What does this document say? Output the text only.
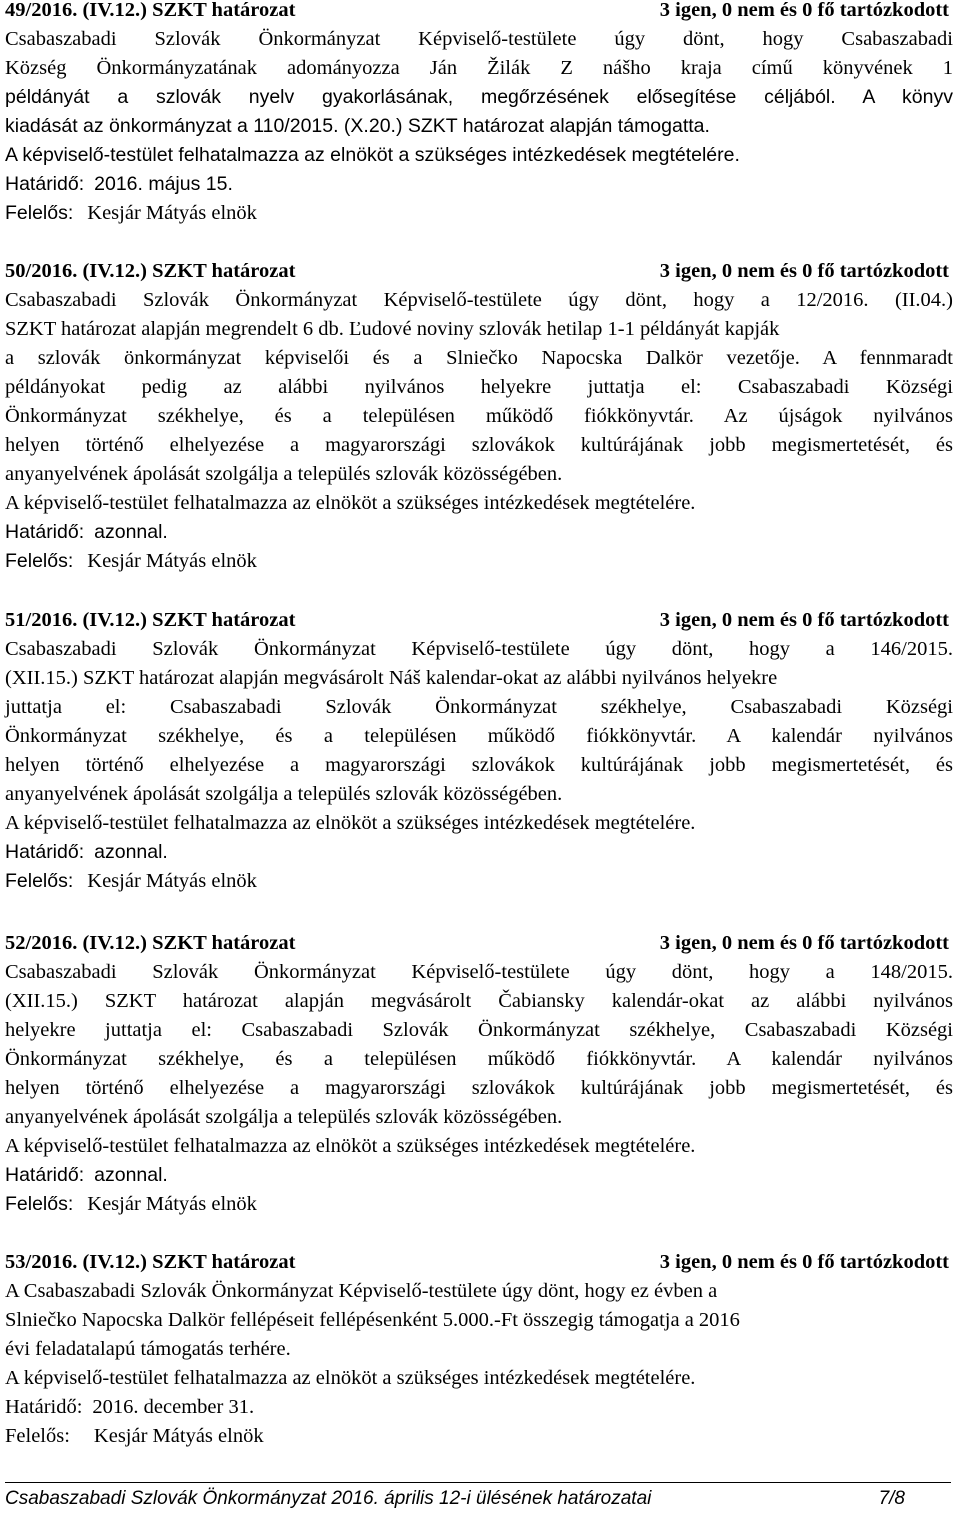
49/2016. (IV.12.) SZKT határozat	3 igen, 0 nem és 0 fő tartózkodott
Csabaszabadi Szlovák Önkormányzat Képviselő-testülete úgy dönt, hogy Csabaszabadi
Község Önkormányzatának adományozza Ján Žilák Z nášho kraja című könyvének 1
példányát a szlovák nyelv gyakorlásának, megőrzésének elősegítése céljából. A könyv
kiadását az önkormányzat a 110/2015. (X.20.) SZKT határozat alapján támogatta.
A képviselő-testület felhatalmazza az elnököt a szükséges intézkedések megtételére.
Határidő: 2016. május 15.
Felelős: Kesjár Mátyás elnök
50/2016. (IV.12.) SZKT határozat	3 igen, 0 nem és 0 fő tartózkodott
Csabaszabadi Szlovák Önkormányzat Képviselő-testülete úgy dönt, hogy a 12/2016. (II.04.)
SZKT határozat alapján megrendelt 6 db. Ľudové noviny szlovák hetilap 1-1 példányát kapják
a szlovák önkormányzat képviselői és a Slniečko Napocska Dalkör vezetője. A fennmaradt
példányokat pedig az alábbi nyilvános helyekre juttatja el: Csabaszabadi Községi
Önkormányzat székhelye, és a településen működő fiókkönyvtár. Az újságok nyilvános
helyen történő elhelyezése a magyarországi szlovákok kultúrájának jobb megismertetését, és
anyanyelvének ápolását szolgálja a település szlovák közösségében.
A képviselő-testület felhatalmazza az elnököt a szükséges intézkedések megtételére.
Határidő: azonnal.
Felelős: Kesjár Mátyás elnök
51/2016. (IV.12.) SZKT határozat	3 igen, 0 nem és 0 fő tartózkodott
Csabaszabadi Szlovák Önkormányzat Képviselő-testülete úgy dönt, hogy a 146/2015.
(XII.15.) SZKT határozat alapján megvásárolt Náš kalendar-okat az alábbi nyilvános helyekre
juttatja el: Csabaszabadi Szlovák Önkormányzat székhelye, Csabaszabadi Községi
Önkormányzat székhelye, és a településen működő fiókkönyvtár. A kalendár nyilvános
helyen történő elhelyezése a magyarországi szlovákok kultúrájának jobb megismertetését, és
anyanyelvének ápolását szolgálja a település szlovák közösségében.
A képviselő-testület felhatalmazza az elnököt a szükséges intézkedések megtételére.
Határidő: azonnal.
Felelős: Kesjár Mátyás elnök
52/2016. (IV.12.) SZKT határozat	3 igen, 0 nem és 0 fő tartózkodott
Csabaszabadi Szlovák Önkormányzat Képviselő-testülete úgy dönt, hogy a 148/2015.
(XII.15.) SZKT határozat alapján megvásárolt Čabiansky kalendár-okat az alábbi nyilvános
helyekre juttatja el: Csabaszabadi Szlovák Önkormányzat székhelye, Csabaszabadi Községi
Önkormányzat székhelye, és a településen működő fiókkönyvtár. A kalendár nyilvános
helyen történő elhelyezése a magyarországi szlovákok kultúrájának jobb megismertetését, és
anyanyelvének ápolását szolgálja a település szlovák közösségében.
A képviselő-testület felhatalmazza az elnököt a szükséges intézkedések megtételére.
Határidő: azonnal.
Felelős: Kesjár Mátyás elnök
53/2016. (IV.12.) SZKT határozat	3 igen, 0 nem és 0 fő tartózkodott
A Csabaszabadi Szlovák Önkormányzat Képviselő-testülete úgy dönt, hogy ez évben a
Slniečko Napocska Dalkör fellépéseit fellépésenként 5.000.-Ft összegig támogatja a 2016
évi feladatalapú támogatás terhére.
A képviselő-testület felhatalmazza az elnököt a szükséges intézkedések megtételére.
Határidő: 2016. december 31.
Felelős: Kesjár Mátyás elnök
Csabaszabadi Szlovák Önkormányzat 2016. április 12-i ülésének határozatai	7/8
